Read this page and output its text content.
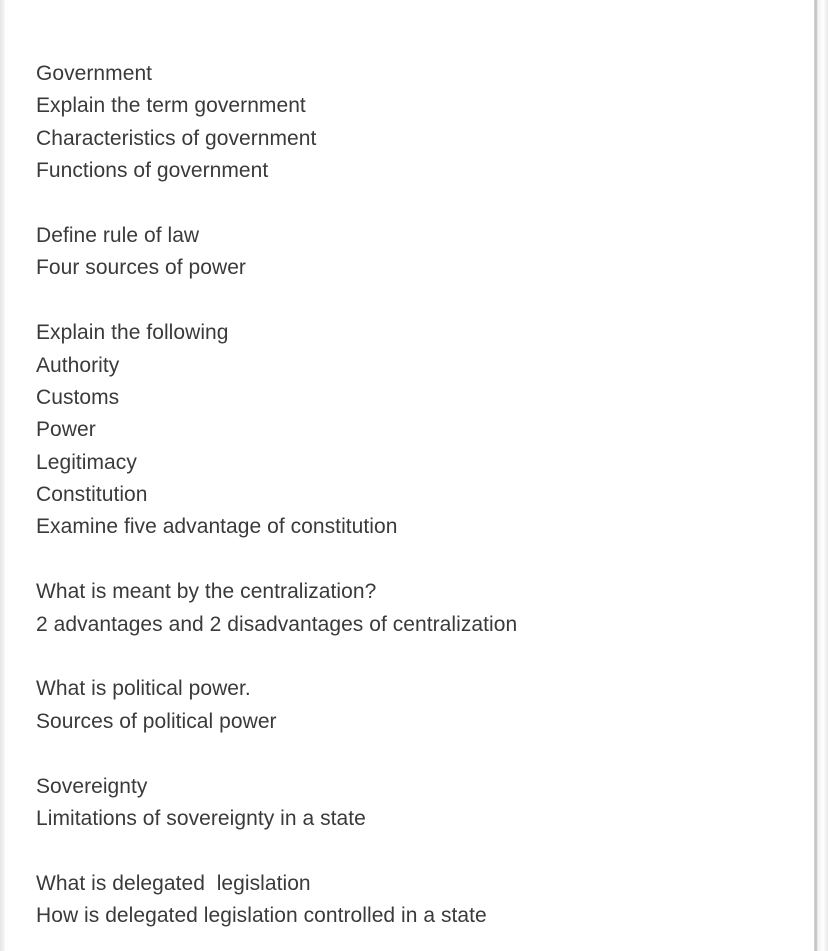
Government
Explain the term government
Characteristics of government
Functions of government
Define rule of law
Four sources of power
Explain the following
Authority
Customs
Power
Legitimacy
Constitution
Examine five advantage of constitution
What is meant by the centralization?
2 advantages and 2 disadvantages of centralization
What is political power.
Sources of political power
Sovereignty
Limitations of sovereignty in a state
What is delegated  legislation
How is delegated legislation controlled in a state
